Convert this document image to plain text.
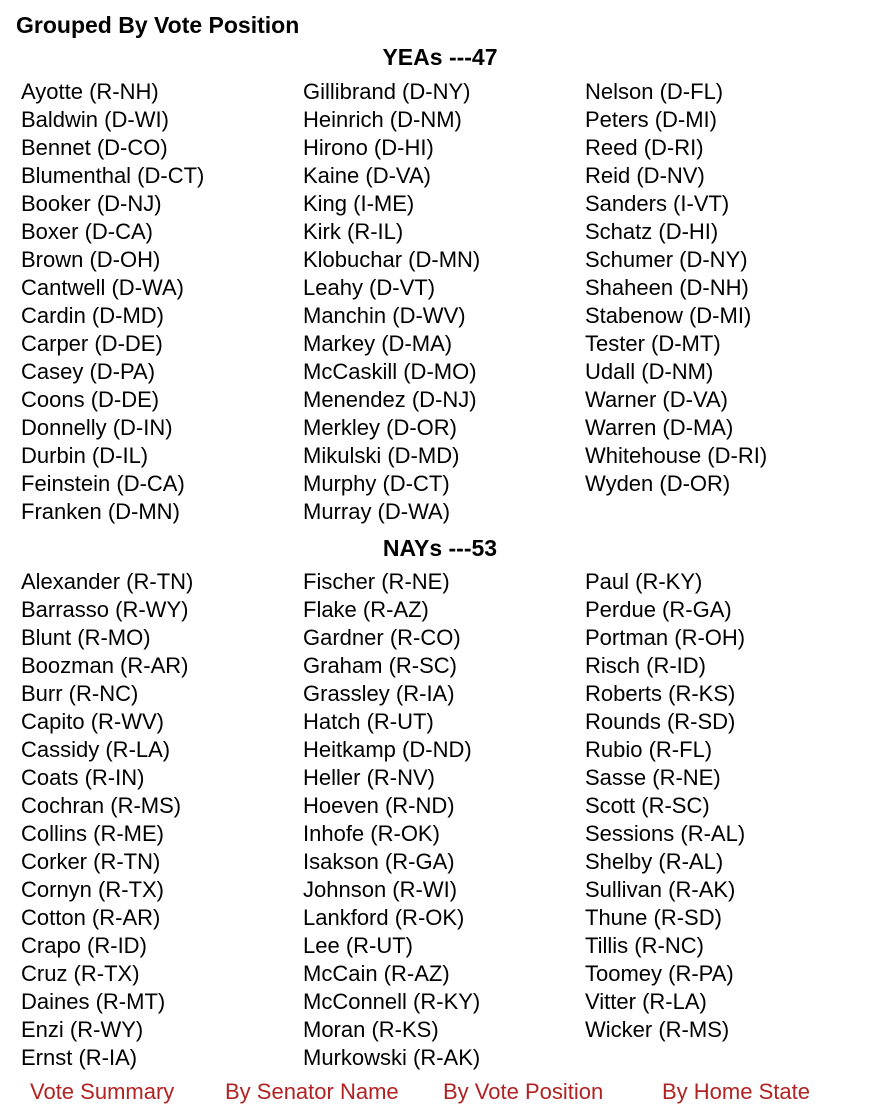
Grouped By Vote Position
YEAs ---47
Ayotte (R-NH)	Gillibrand (D-NY)	Nelson (D-FL)
Baldwin (D-WI)	Heinrich (D-NM)	Peters (D-MI)
Bennet (D-CO)	Hirono (D-HI)	Reed (D-RI)
Blumenthal (D-CT)	Kaine (D-VA)	Reid (D-NV)
Booker (D-NJ)	King (I-ME)	Sanders (I-VT)
Boxer (D-CA)	Kirk (R-IL)	Schatz (D-HI)
Brown (D-OH)	Klobuchar (D-MN)	Schumer (D-NY)
Cantwell (D-WA)	Leahy (D-VT)	Shaheen (D-NH)
Cardin (D-MD)	Manchin (D-WV)	Stabenow (D-MI)
Carper (D-DE)	Markey (D-MA)	Tester (D-MT)
Casey (D-PA)	McCaskill (D-MO)	Udall (D-NM)
Coons (D-DE)	Menendez (D-NJ)	Warner (D-VA)
Donnelly (D-IN)	Merkley (D-OR)	Warren (D-MA)
Durbin (D-IL)	Mikulski (D-MD)	Whitehouse (D-RI)
Feinstein (D-CA)	Murphy (D-CT)	Wyden (D-OR)
Franken (D-MN)	Murray (D-WA)
NAYs ---53
Alexander (R-TN)	Fischer (R-NE)	Paul (R-KY)
Barrasso (R-WY)	Flake (R-AZ)	Perdue (R-GA)
Blunt (R-MO)	Gardner (R-CO)	Portman (R-OH)
Boozman (R-AR)	Graham (R-SC)	Risch (R-ID)
Burr (R-NC)	Grassley (R-IA)	Roberts (R-KS)
Capito (R-WV)	Hatch (R-UT)	Rounds (R-SD)
Cassidy (R-LA)	Heitkamp (D-ND)	Rubio (R-FL)
Coats (R-IN)	Heller (R-NV)	Sasse (R-NE)
Cochran (R-MS)	Hoeven (R-ND)	Scott (R-SC)
Collins (R-ME)	Inhofe (R-OK)	Sessions (R-AL)
Corker (R-TN)	Isakson (R-GA)	Shelby (R-AL)
Cornyn (R-TX)	Johnson (R-WI)	Sullivan (R-AK)
Cotton (R-AR)	Lankford (R-OK)	Thune (R-SD)
Crapo (R-ID)	Lee (R-UT)	Tillis (R-NC)
Cruz (R-TX)	McCain (R-AZ)	Toomey (R-PA)
Daines (R-MT)	McConnell (R-KY)	Vitter (R-LA)
Enzi (R-WY)	Moran (R-KS)	Wicker (R-MS)
Ernst (R-IA)	Murkowski (R-AK)
Vote Summary By Senator Name By Vote Position	By Home State
